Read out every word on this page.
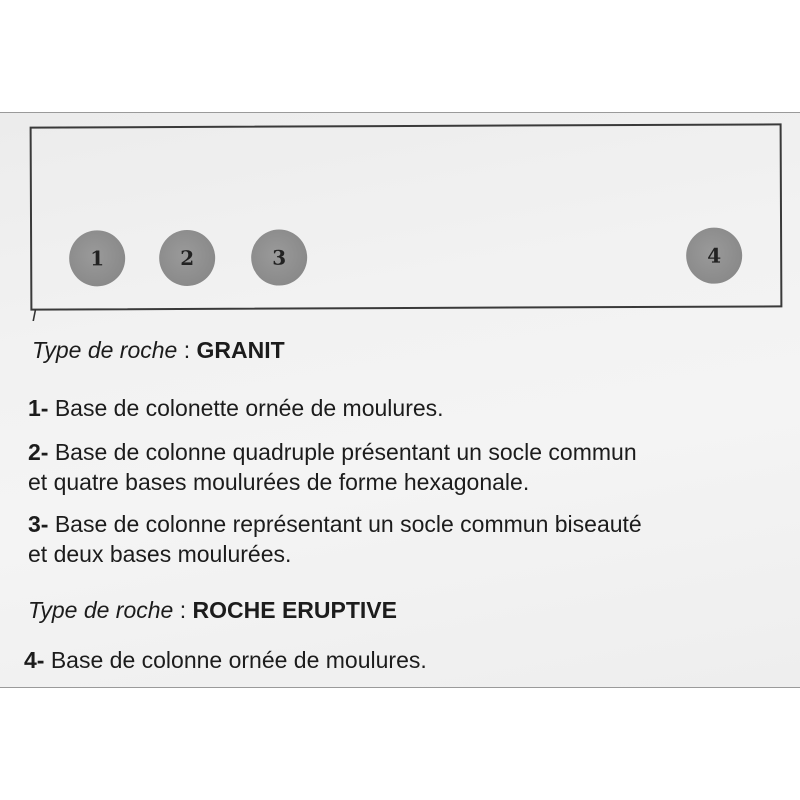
1	2	3	4
I
Type de roche : GRANIT
1- Base de colonette ornée de moulures.
2- Base de colonne quadruple présentant un socle commun
et quatre bases moulurées de forme hexagonale.
3- Base de colonne représentant un socle commun biseauté
et deux bases moulurées.
Type de roche : ROCHE ERUPTIVE
4- Base de colonne ornée de moulures.
